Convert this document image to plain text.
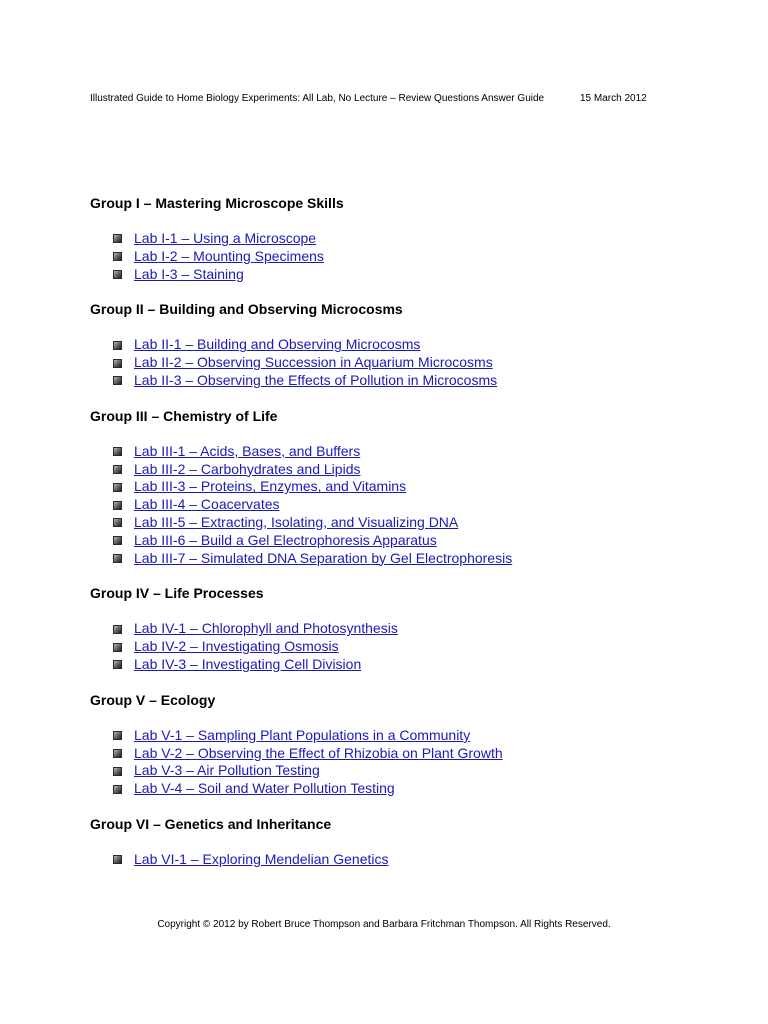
Illustrated Guide to Home Biology Experiments: All Lab, No Lecture – Review Questions Answer Guide	15 March 2012
Group I – Mastering Microscope Skills
Lab I-1 – Using a Microscope
Lab I-2 – Mounting Specimens
Lab I-3 – Staining
Group II – Building and Observing Microcosms
Lab II-1 – Building and Observing Microcosms
Lab II-2 – Observing Succession in Aquarium Microcosms
Lab II-3 – Observing the Effects of Pollution in Microcosms
Group III – Chemistry of Life
Lab III-1 – Acids, Bases, and Buffers
Lab III-2 – Carbohydrates and Lipids
Lab III-3 – Proteins, Enzymes, and Vitamins
Lab III-4 – Coacervates
Lab III-5 – Extracting, Isolating, and Visualizing DNA
Lab III-6 – Build a Gel Electrophoresis Apparatus
Lab III-7 – Simulated DNA Separation by Gel Electrophoresis
Group IV – Life Processes
Lab IV-1 – Chlorophyll and Photosynthesis
Lab IV-2 – Investigating Osmosis
Lab IV-3 – Investigating Cell Division
Group V – Ecology
Lab V-1 – Sampling Plant Populations in a Community
Lab V-2 – Observing the Effect of Rhizobia on Plant Growth
Lab V-3 – Air Pollution Testing
Lab V-4 – Soil and Water Pollution Testing
Group VI – Genetics and Inheritance
Lab VI-1 – Exploring Mendelian Genetics
Copyright © 2012 by Robert Bruce Thompson and Barbara Fritchman Thompson. All Rights Reserved.
